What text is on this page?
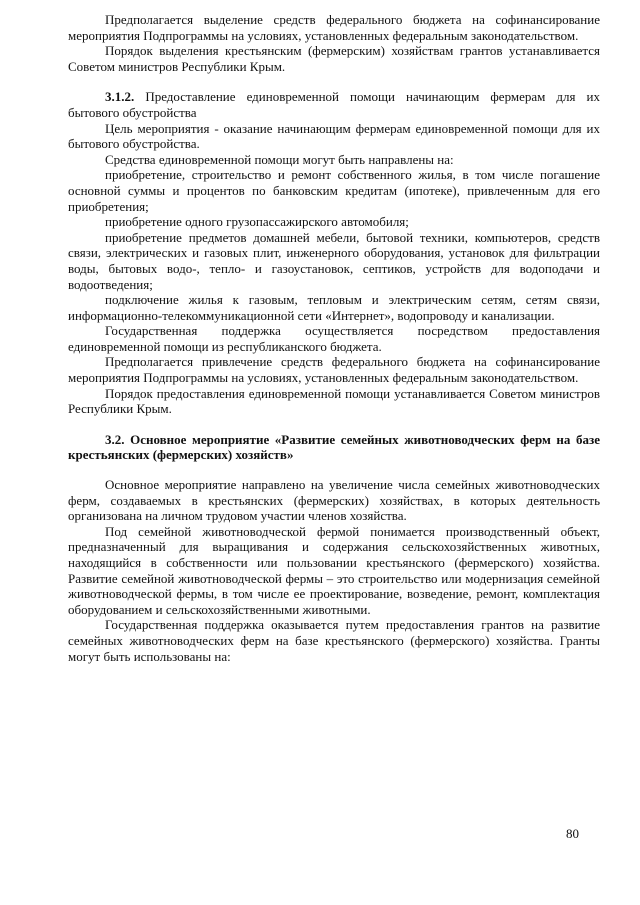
Предполагается выделение средств федерального бюджета на софинансирование мероприятия Подпрограммы на условиях, установленных федеральным законодательством.

Порядок выделения крестьянским (фермерским) хозяйствам грантов устанавливается Советом министров Республики Крым.

3.1.2. Предоставление единовременной помощи начинающим фермерам для их бытового обустройства

Цель мероприятия - оказание начинающим фермерам единовременной помощи для их бытового обустройства.

Средства единовременной помощи могут быть направлены на:

приобретение, строительство и ремонт собственного жилья, в том числе погашение основной суммы и процентов по банковским кредитам (ипотеке), привлеченным для его приобретения;

приобретение одного грузопассажирского автомобиля;

приобретение предметов домашней мебели, бытовой техники, компьютеров, средств связи, электрических и газовых плит, инженерного оборудования, установок для фильтрации воды, бытовых водо-, тепло- и газоустановок, септиков, устройств для водоподачи и водоотведения;

подключение жилья к газовым, тепловым и электрическим сетям, сетям связи, информационно-телекоммуникационной сети «Интернет», водопроводу и канализации.

Государственная поддержка осуществляется посредством предоставления единовременной помощи из республиканского бюджета.

Предполагается привлечение средств федерального бюджета на софинансирование мероприятия Подпрограммы на условиях, установленных федеральным законодательством.

Порядок предоставления единовременной помощи устанавливается Советом министров Республики Крым.

3.2. Основное мероприятие «Развитие семейных животноводческих ферм на базе крестьянских (фермерских) хозяйств»

Основное мероприятие направлено на увеличение числа семейных животноводческих ферм, создаваемых в крестьянских (фермерских) хозяйствах, в которых деятельность организована на личном трудовом участии членов хозяйства.

Под семейной животноводческой фермой понимается производственный объект, предназначенный для выращивания и содержания сельскохозяйственных животных, находящийся в собственности или пользовании крестьянского (фермерского) хозяйства. Развитие семейной животноводческой фермы – это строительство или модернизация семейной животноводческой фермы, в том числе ее проектирование, возведение, ремонт, комплектация оборудованием и сельскохозяйственными животными.

Государственная поддержка оказывается путем предоставления грантов на развитие семейных животноводческих ферм на базе крестьянского (фермерского) хозяйства. Гранты могут быть использованы на:

80
